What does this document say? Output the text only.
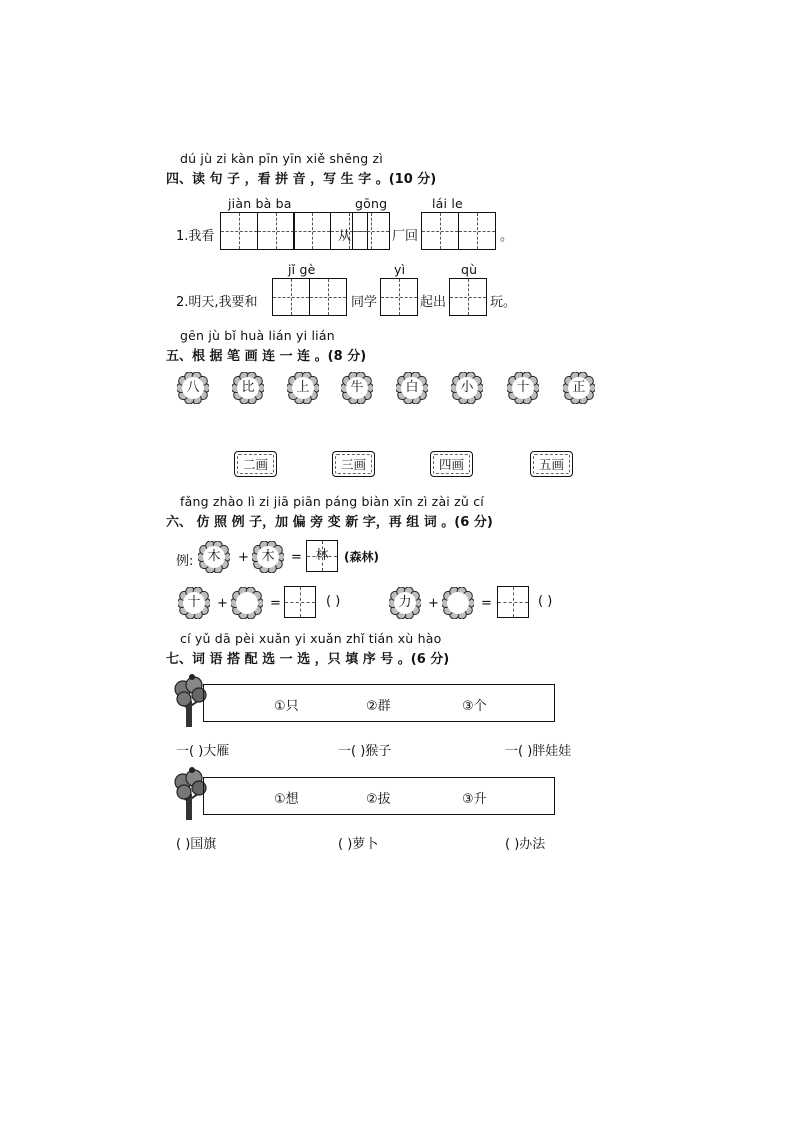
dú jù zi kàn pīn yīn xiě shēng zì
四、读 句 子 ，看 拼 音 ，写 生 字 。(10 分)
jiàn bà ba	gōng	lái le
1.我看	从	厂回	。
jǐ gè	yì	qù
2.明天,我要和	同学	起出	玩。
gēn jù bǐ huà lián yi lián
五、根 据 笔 画 连 一 连 。(8 分)
八	比	上	牛	白	小	十	正
二画	三画	四画	五画
fǎng zhào lì zi jiā piān páng biàn xīn zì zài zǔ cí
六、 仿 照 例 子，加 偏 旁 变 新 字，再 组 词 。(6 分)
例:	木	+ 木	=	林	(森林)
十	+	=	( )	力	+	=	( )
cí yǔ dā pèi xuǎn yi xuǎn zhǐ tián xù hào
七、词 语 搭 配 选 一 选 ，只 填 序 号 。(6 分)
①只	②群	③个
一( )大雁	一( )猴子	一( )胖娃娃
①想	②拔	③升
( )国旗	( )萝卜	( )办法
